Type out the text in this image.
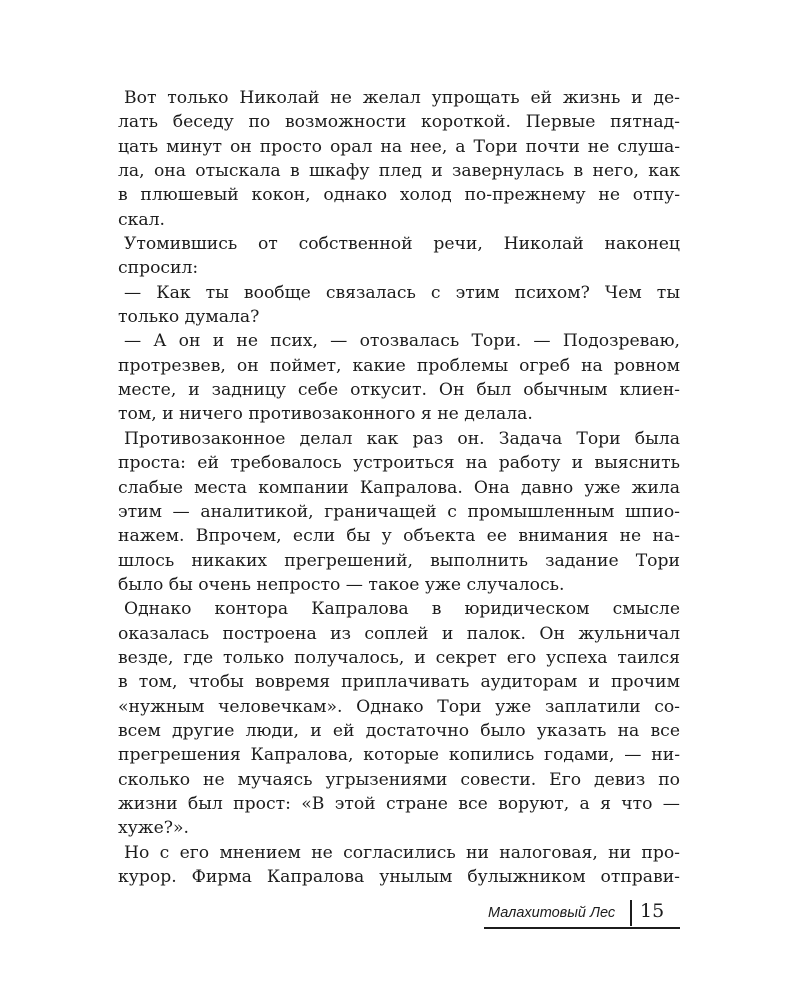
Вот только Николай не желал упрощать ей жизнь и де-
лать беседу по возможности короткой. Первые пятнад-
цать минут он просто орал на нее, а Тори почти не слуша-
ла, она отыскала в шкафу плед и завернулась в него, как
в плюшевый кокон, однако холод по-прежнему не отпу-
скал.
Утомившись от собственной речи, Николай наконец
спросил:
— Как ты вообще связалась с этим психом? Чем ты
только думала?
— А он и не псих, — отозвалась Тори. — Подозреваю,
протрезвев, он поймет, какие проблемы огреб на ровном
месте, и задницу себе откусит. Он был обычным клиен-
том, и ничего противозаконного я не делала.
Противозаконное делал как раз он. Задача Тори была
проста: ей требовалось устроиться на работу и выяснить
слабые места компании Капралова. Она давно уже жила
этим — аналитикой, граничащей с промышленным шпио-
нажем. Впрочем, если бы у объекта ее внимания не на-
шлось никаких прегрешений, выполнить задание Тори
было бы очень непросто — такое уже случалось.
Однако контора Капралова в юридическом смысле
оказалась построена из соплей и палок. Он жульничал
везде, где только получалось, и секрет его успеха таился
в том, чтобы вовремя приплачивать аудиторам и прочим
«нужным человечкам». Однако Тори уже заплатили со-
всем другие люди, и ей достаточно было указать на все
прегрешения Капралова, которые копились годами, — ни-
сколько не мучаясь угрызениями совести. Его девиз по
жизни был прост: «В этой стране все воруют, а я что —
хуже?».
Но с его мнением не согласились ни налоговая, ни про-
курор. Фирма Капралова унылым булыжником отправи-
Малахитовый Лес 15
